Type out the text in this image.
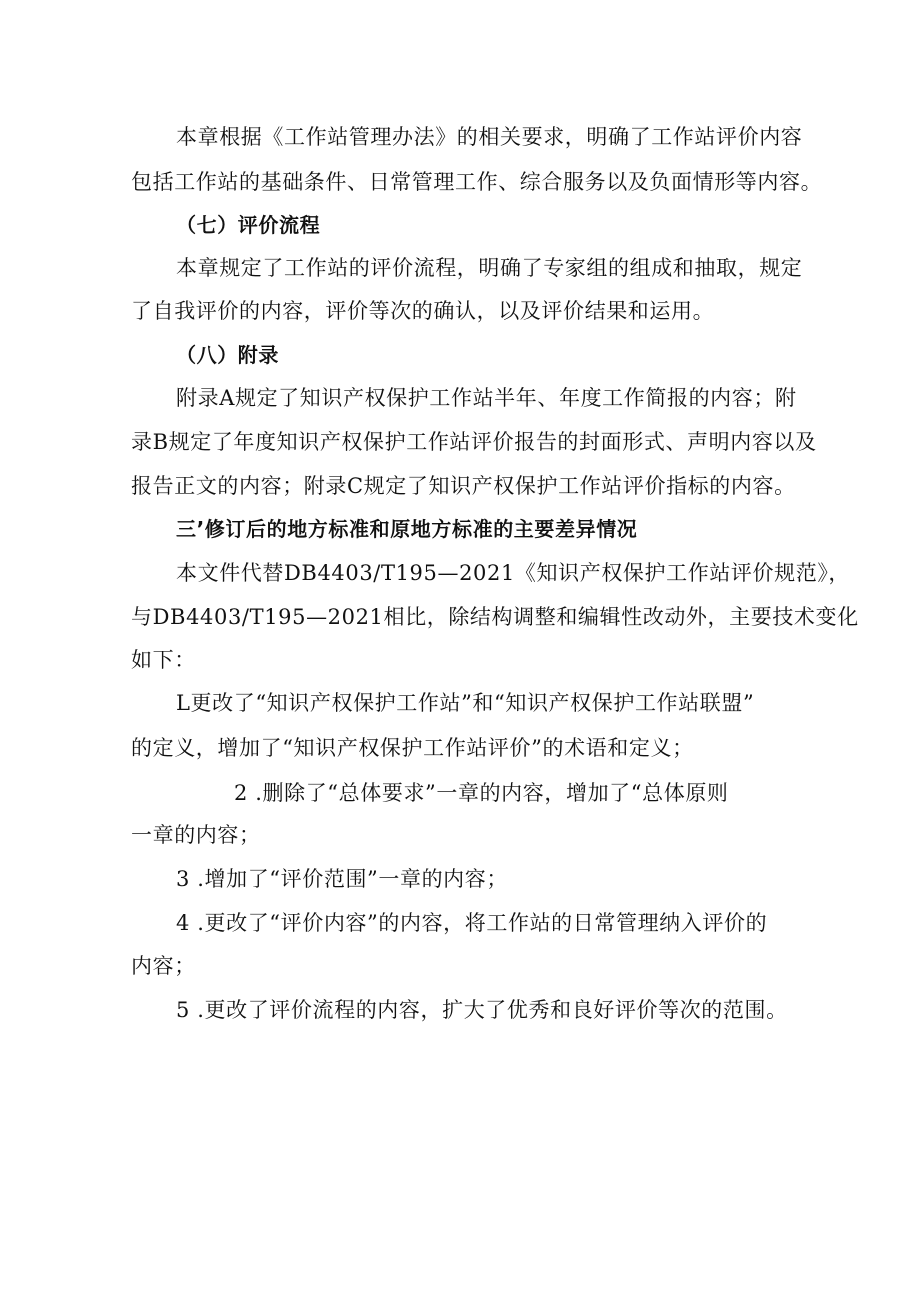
本章根据《工作站管理办法》的相关要求，明确了工作站评价内容
包括工作站的基础条件、日常管理工作、综合服务以及负面情形等内容。
（七）评价流程
本章规定了工作站的评价流程，明确了专家组的组成和抽取，规定
了自我评价的内容，评价等次的确认，以及评价结果和运用。
（八）附录
附录A规定了知识产权保护工作站半年、年度工作简报的内容；附
录B规定了年度知识产权保护工作站评价报告的封面形式、声明内容以及
报告正文的内容；附录C规定了知识产权保护工作站评价指标的内容。
三’修订后的地方标准和原地方标准的主要差异情况
本文件代替DB4403/T195—2021《知识产权保护工作站评价规范》，
与DB4403/T195—2021相比，除结构调整和编辑性改动外，主要技术变化
如下：
L更改了“知识产权保护工作站”和“知识产权保护工作站联盟”
的定义，增加了“知识产权保护工作站评价”的术语和定义；
2 .删除了“总体要求”一章的内容，增加了“总体原则
一章的内容；
3 .增加了“评价范围”一章的内容；
4 .更改了“评价内容”的内容，将工作站的日常管理纳入评价的
内容；
5 .更改了评价流程的内容，扩大了优秀和良好评价等次的范围。
